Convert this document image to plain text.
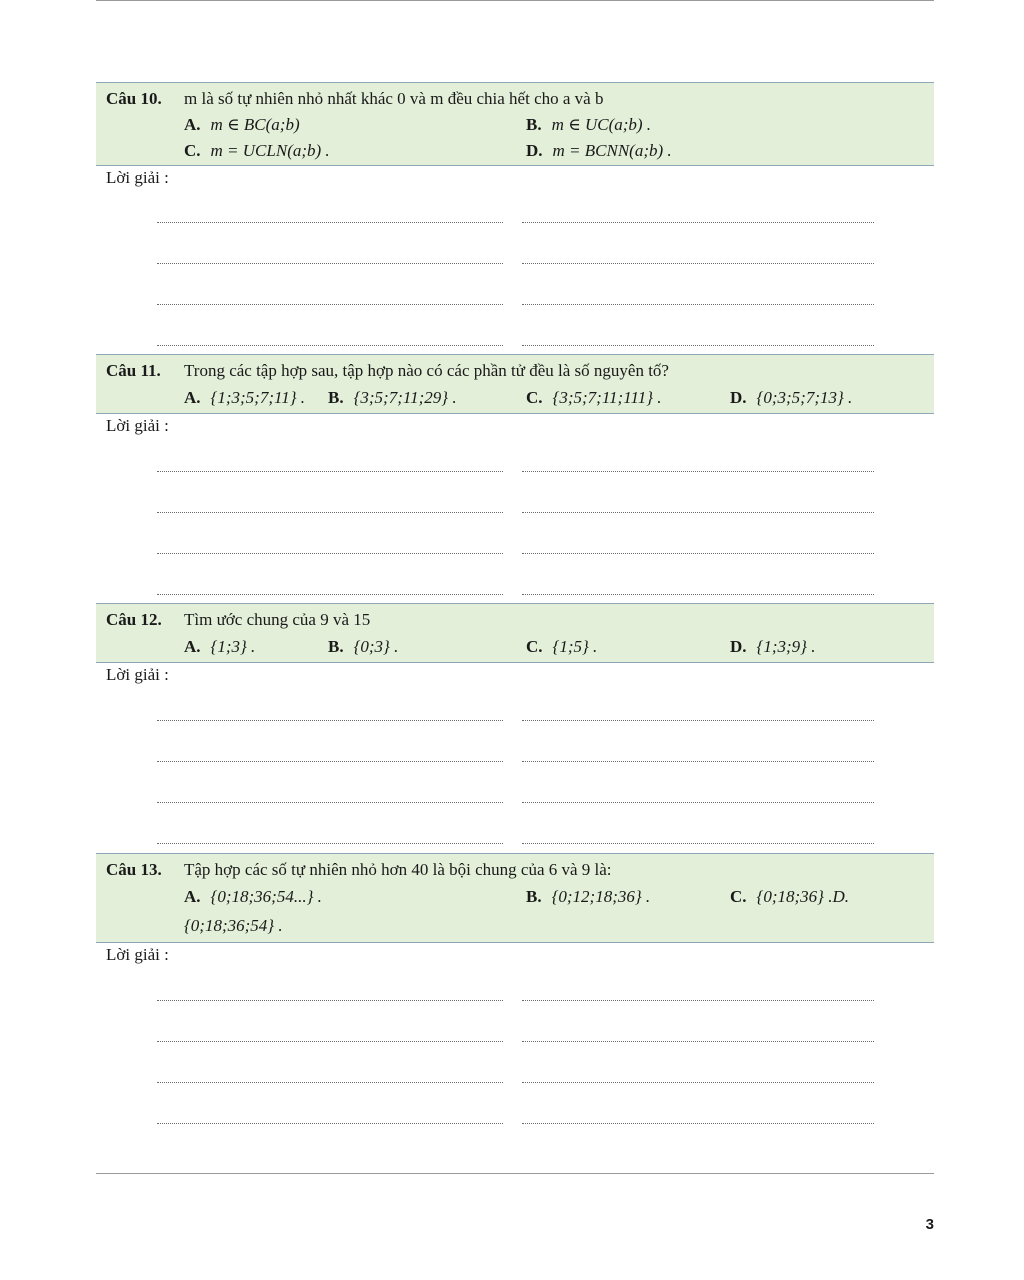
Câu 10. m là số tự nhiên nhỏ nhất khác 0 và m đều chia hết cho a và b
A. m ∈ BC(a;b)	B. m ∈ UC(a;b) .
C. m = UCLN(a;b) .	D. m = BCNN(a;b) .
Lời giải :
Câu 11. Trong các tập hợp sau, tập hợp nào có các phần tử đều là số nguyên tố?
A. {1;3;5;7;11} . B. {3;5;7;11;29} .	C. {3;5;7;11;111} .	D. {0;3;5;7;13} .
Lời giải :
Câu 12. Tìm ước chung của 9 và 15
A. {1;3} .	B. {0;3} .	C. {1;5} .	D. {1;3;9} .
Lời giải :
Câu 13. Tập hợp các số tự nhiên nhỏ hơn 40 là bội chung của 6 và 9 là:
A. {0;18;36;54...} .	B. {0;12;18;36} .	C. {0;18;36} .D.
{0;18;36;54} .
Lời giải :
3
